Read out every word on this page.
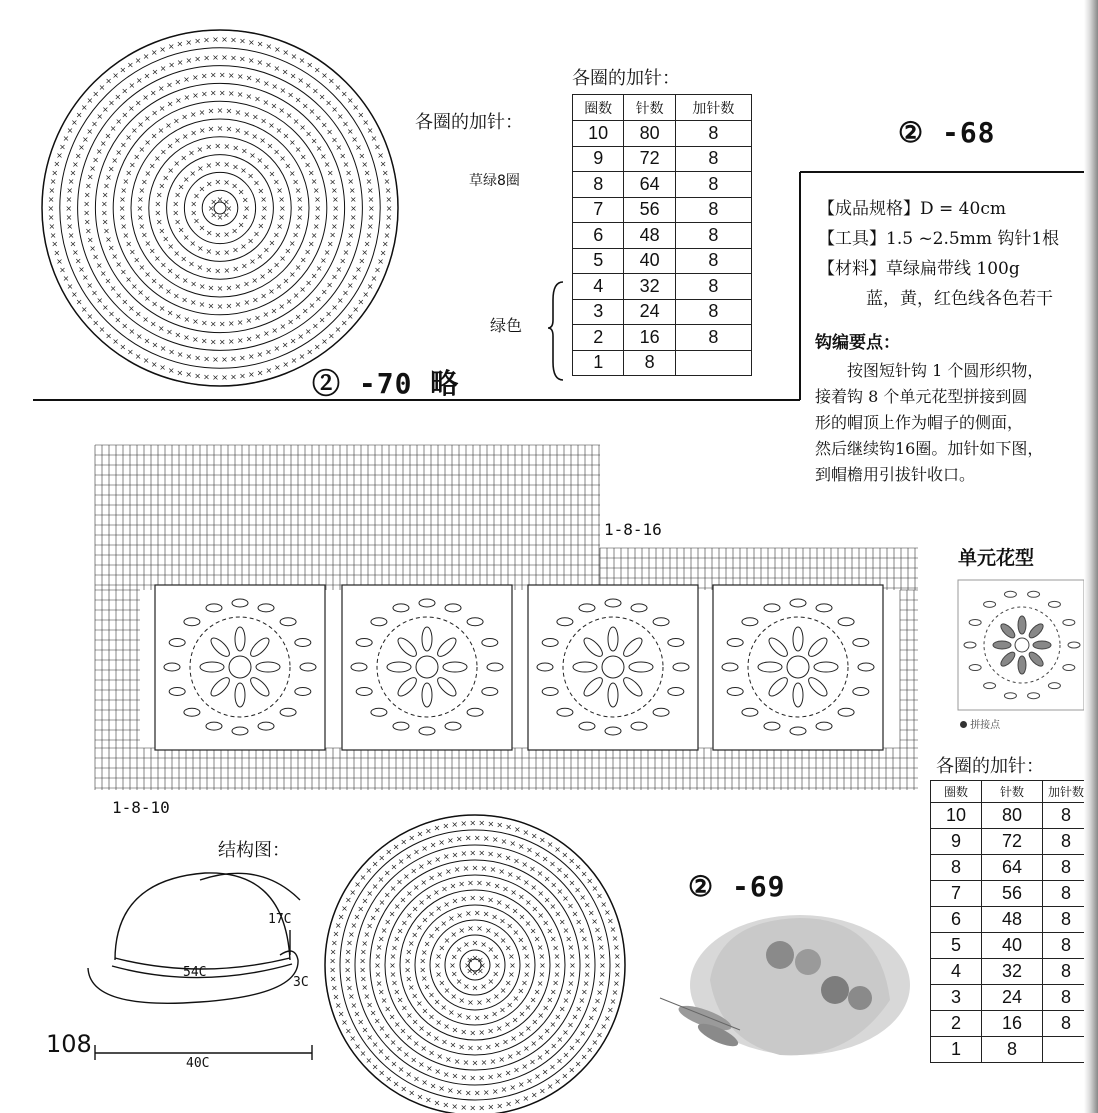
×
×
×
×
×
× × ×
×
×
×
×
×
×
×
×
×
×
×
×
×
× × × ×
×
×
×
×
×
×
×
×
×
×
×
×
×
×
×
×
×
×
×
×
×
×
×
× × × × × ×
×
×
×
×
×
×
×
×
×
×
×
×
×
×
×
×
×
×
×
×
×
×
×
×
×
×
×
×
×
×
×
×
×
× × × × × × × ×
×
×
×
×
×
×
×
×
×
×
×
×
×
×
×
×
×
×
×
×
×
×
×
×
×
×
×
×
×
×
×
×
×
×
×
×
×
×
×
×
×
×
×
× × × × × × × × × × ×
×
×
×
×
×
×
×
×
×
×
×
×
×
×
×
×
×
×
×
×
×
×
×
×
×
×
×
×
×
×
×
×
×
×
×
×
×
×
×
×
×
×
×
×
×
×
×
×
×
×
×
×
×
× × × × × × × × × × × × ×
×
×
×
×
×
×
×
×
×
×
×
×
×
×
×
×
×
×
×
×
×
×
×
×
×
×
×
×
×
×
×
×
×
×
×
×
×
×
×
×
×
×
×
×
×
×
×
×
×
×
×
×
×
×
×
×
×
×
×
×
×
×
×
×
× × × × × × × × × × × × × × ×
×
×
×
×
×
×
×
×
×
×
×
×
×
×
×
×
×
×
×
×
×
×
×
×
×
×
×
×
×
×
×
×
×
×
×
×
×
×
×
×
×
×
×
×
×
×
×
×
×
×
×
×
×
×
×
×
×
×
×
×
×
×
×
×
×
×
×
×
×
×
×
×
×
×
× × × × × × × × × × × × × × × ×
×
×
×
×
×
×
×
×
×
×
×
×
×
×
×
×
×
×
×
×
×
×
×
×
×
×
×
×
×
×
×
×
×
×
×
×
×
×
×
×
×
×
×
×
×
×
×
×
×
×
×
×
×
×
×
×
×
×
×
×
×
×
×
×
×
×
×
×
×
×
×
×
×
×
×
×
×
×
×
×
×
×
×
×
×
×
× × × × × × × × × × × × × × × × × ×
×
×
×
×
×
×
×
×
×
×
×
×
×
×
×
×
×
×
×
×
×
×
×
×
×
×
×
×
×
×
×
×
×
×
×
×
×
×
×
×
×
×
×
×
×
×
×
×
×
×
×
×
×
×
×
×
×
×
×
×
×
×
×
×
×
×
×
×
×
×
×
×
×
×
×
×
×
×
×
×
×
×
×
×
×
×
×
×
×
×
×
×
×
×
×
×
× × × × × × × × × × × × × × × × × × × ×
×
×
×
×
×
×
×
×
×
×
×
×
×
×
×
×
×
×
×
×
×
×
×
×
×
×
×
×
×
×
×
×
×
×
×
×
×
×
× × ×
×
×
×
×
×
×
×
×
×
×
×
×
×
×
×
×
×
×
×
× × × × × ×
×
×
×
×
×
×
×
×
×
×
×
×
×
×
×
×
×
×
×
×
×
×
×
×
×
×
×
×
× × × × × × ×
×
×
×
×
×
×
×
×
×
×
×
×
×
×
×
×
×
×
×
×
×
×
×
×
×
×
×
×
×
×
×
×
×
×
×
×
× × × × × × × × ×
×
×
×
×
×
×
×
×
×
×
×
×
×
×
×
×
×
×
×
×
×
×
×
×
×
×
×
×
×
×
×
×
×
×
×
×
×
×
×
×
×
×
×
×
×
×
× × × × × × × × × ×
×
×
×
×
×
×
×
×
×
×
×
×
×
×
×
×
×
×
×
×
×
×
×
×
×
×
×
×
×
×
×
×
×
×
×
×
×
×
×
×
×
×
×
×
×
×
×
×
×
×
×
×
×
×
× × × × × × × × × × × × ×
×
×
×
×
×
×
×
×
×
×
×
×
×
×
×
×
×
×
×
×
×
×
×
×
×
×
×
×
×
×
×
×
×
×
×
×
×
×
×
×
×
×
×
×
×
×
×
×
×
×
×
×
×
×
×
×
×
×
×
×
×
×
×
× × × × × × × × × × × × × ×
×
×
×
×
×
×
×
×
×
×
×
×
×
×
×
×
×
×
×
×
×
×
×
×
×
×
×
×
×
×
×
×
×
×
×
×
×
×
×
×
×
×
×
×
×
×
×
×
×
×
×
×
×
×
×
×
×
×
×
×
×
×
×
×
×
×
×
×
×
×
×
× × × × × × × × × × × × × × × ×
×
×
×
×
×
×
×
×
×
×
×
×
×
×
×
×
×
×
×
×
×
×
×
×
×
×
×
×
×
×
×
×
×
×
×
×
×
×
×
×
×
×
×
×
×
×
×
×
×
×
×
×
×
×
×
×
×
×
×
×
×
×
×
×
×
×
×
×
×
×
×
×
×
×
×
×
×
×
×
×
× × × × × × × × × × × × × × × × ×
×
×
×
×
×
×
×
×
×
×
×
×
×
×
×
×
各圈的加针：
各圈的加针：
草绿8圈
绿色
② -70 略
② -68
圈数	针数	加针数
10	80	8
9	72	8
8	64	8
7	56	8
6	48	8
5	40	8
4	32	8
3	24	8
2	16	8
1	8	

【成品规格】D = 40cm

【工具】1.5 ~2.5mm 钩针1根

【材料】草绿扁带线 100g

蓝，黄，红色线各色若干

钩编要点：
按图短针钩 1 个圆形织物，
接着钩 8 个单元花型拼接到圆
形的帽顶上作为帽子的侧面，
然后继续钩16圈。加针如下图，
到帽檐用引拔针收口。
1-8-16
1-8-10
单元花型
拼接点
各圈的加针：
圈数	针数	加针数
10	80	8
9	72	8
8	64	8
7	56	8
6	48	8
5	40	8
4	32	8
3	24	8
2	16	8
1	8	
结构图：
② -69
54C
17C
3C
40C
108
